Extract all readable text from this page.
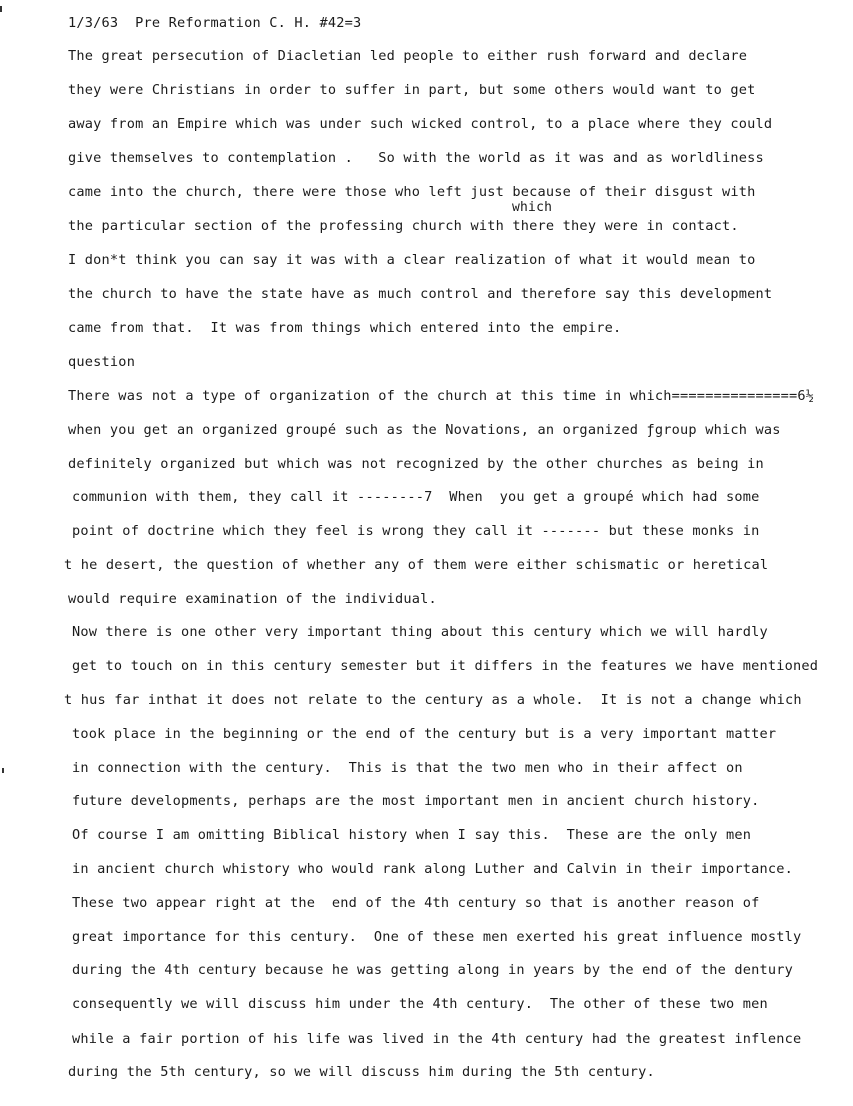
1/3/63  Pre Reformation C. H. #42=3

The great persecution of Diacletian led people to either rush forward and declare

they were Christians in order to suffer in part, but some others would want to get

away from an Empire which was under such wicked control, to a place where they could

give themselves to contemplation .   So with the world as it was and as worldliness

came into the church, there were those who left just because of their disgust with

which

the particular section of the professing church with there they were in contact.

I don*t think you can say it was with a clear realization of what it would mean to

the church to have the state have as much control and therefore say this development

came from that.  It was from things which entered into the empire.

question

There was not a type of organization of the church at this time in which===============6½

when you get an organized groupé such as the Novations, an organized ƒgroup which was

definitely organized but which was not recognized by the other churches as being in

communion with them, they call it --------7  When  you get a groupé which had some

point of doctrine which they feel is wrong they call it ------- but these monks in

t he desert, the question of whether any of them were either schismatic or heretical

would require examination of the individual.

Now there is one other very important thing about this century which we will hardly

get to touch on in this century semester but it differs in the features we have mentioned

t hus far inthat it does not relate to the century as a whole.  It is not a change which

took place in the beginning or the end of the century but is a very important matter

in connection with the century.  This is that the two men who in their affect on

future developments, perhaps are the most important men in ancient church history.

Of course I am omitting Biblical history when I say this.  These are the only men

in ancient church whistory who would rank along Luther and Calvin in their importance.

These two appear right at the  end of the 4th century so that is another reason of

great importance for this century.  One of these men exerted his great influence mostly

during the 4th century because he was getting along in years by the end of the dentury

consequently we will discuss him under the 4th century.  The other of these two men

while a fair portion of his life was lived in the 4th century had the greatest inflence

during the 5th century, so we will discuss him during the 5th century.
